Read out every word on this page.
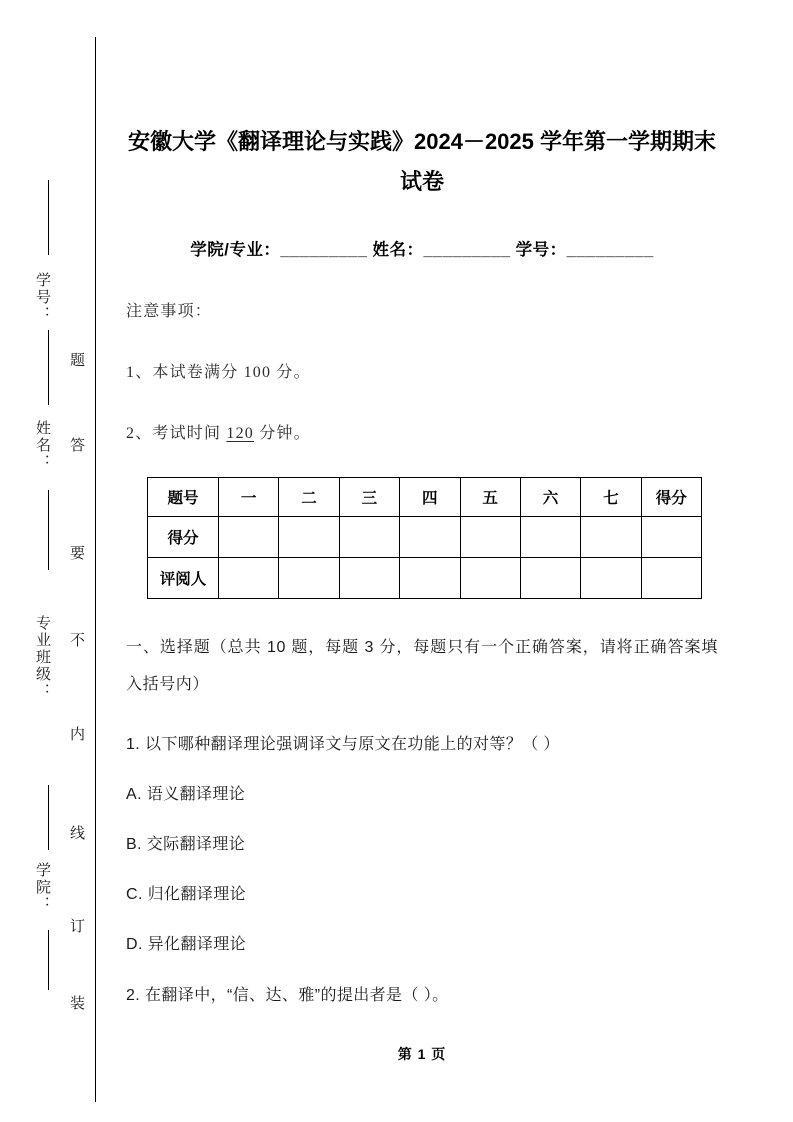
学号：
姓名：
专业班级：
学院：
题
答
要
不
内
线
订
装
安徽大学《翻译理论与实践》2024－2025 学年第一学期期末试卷
学院/专业：_________ 姓名：_________ 学号：_________
注意事项：
1、本试卷满分 100 分。
2、考试时间 120 分钟。
题号	一	二	三	四	五	六	七	得分
得分								
评阅人								
一、选择题（总共 10 题，每题 3 分，每题只有一个正确答案，请将正确答案填入括号内）
1. 以下哪种翻译理论强调译文与原文在功能上的对等？（ ）
A. 语义翻译理论
B. 交际翻译理论
C. 归化翻译理论
D. 异化翻译理论
2. 在翻译中，“信、达、雅”的提出者是（ ）。
第 1 页
